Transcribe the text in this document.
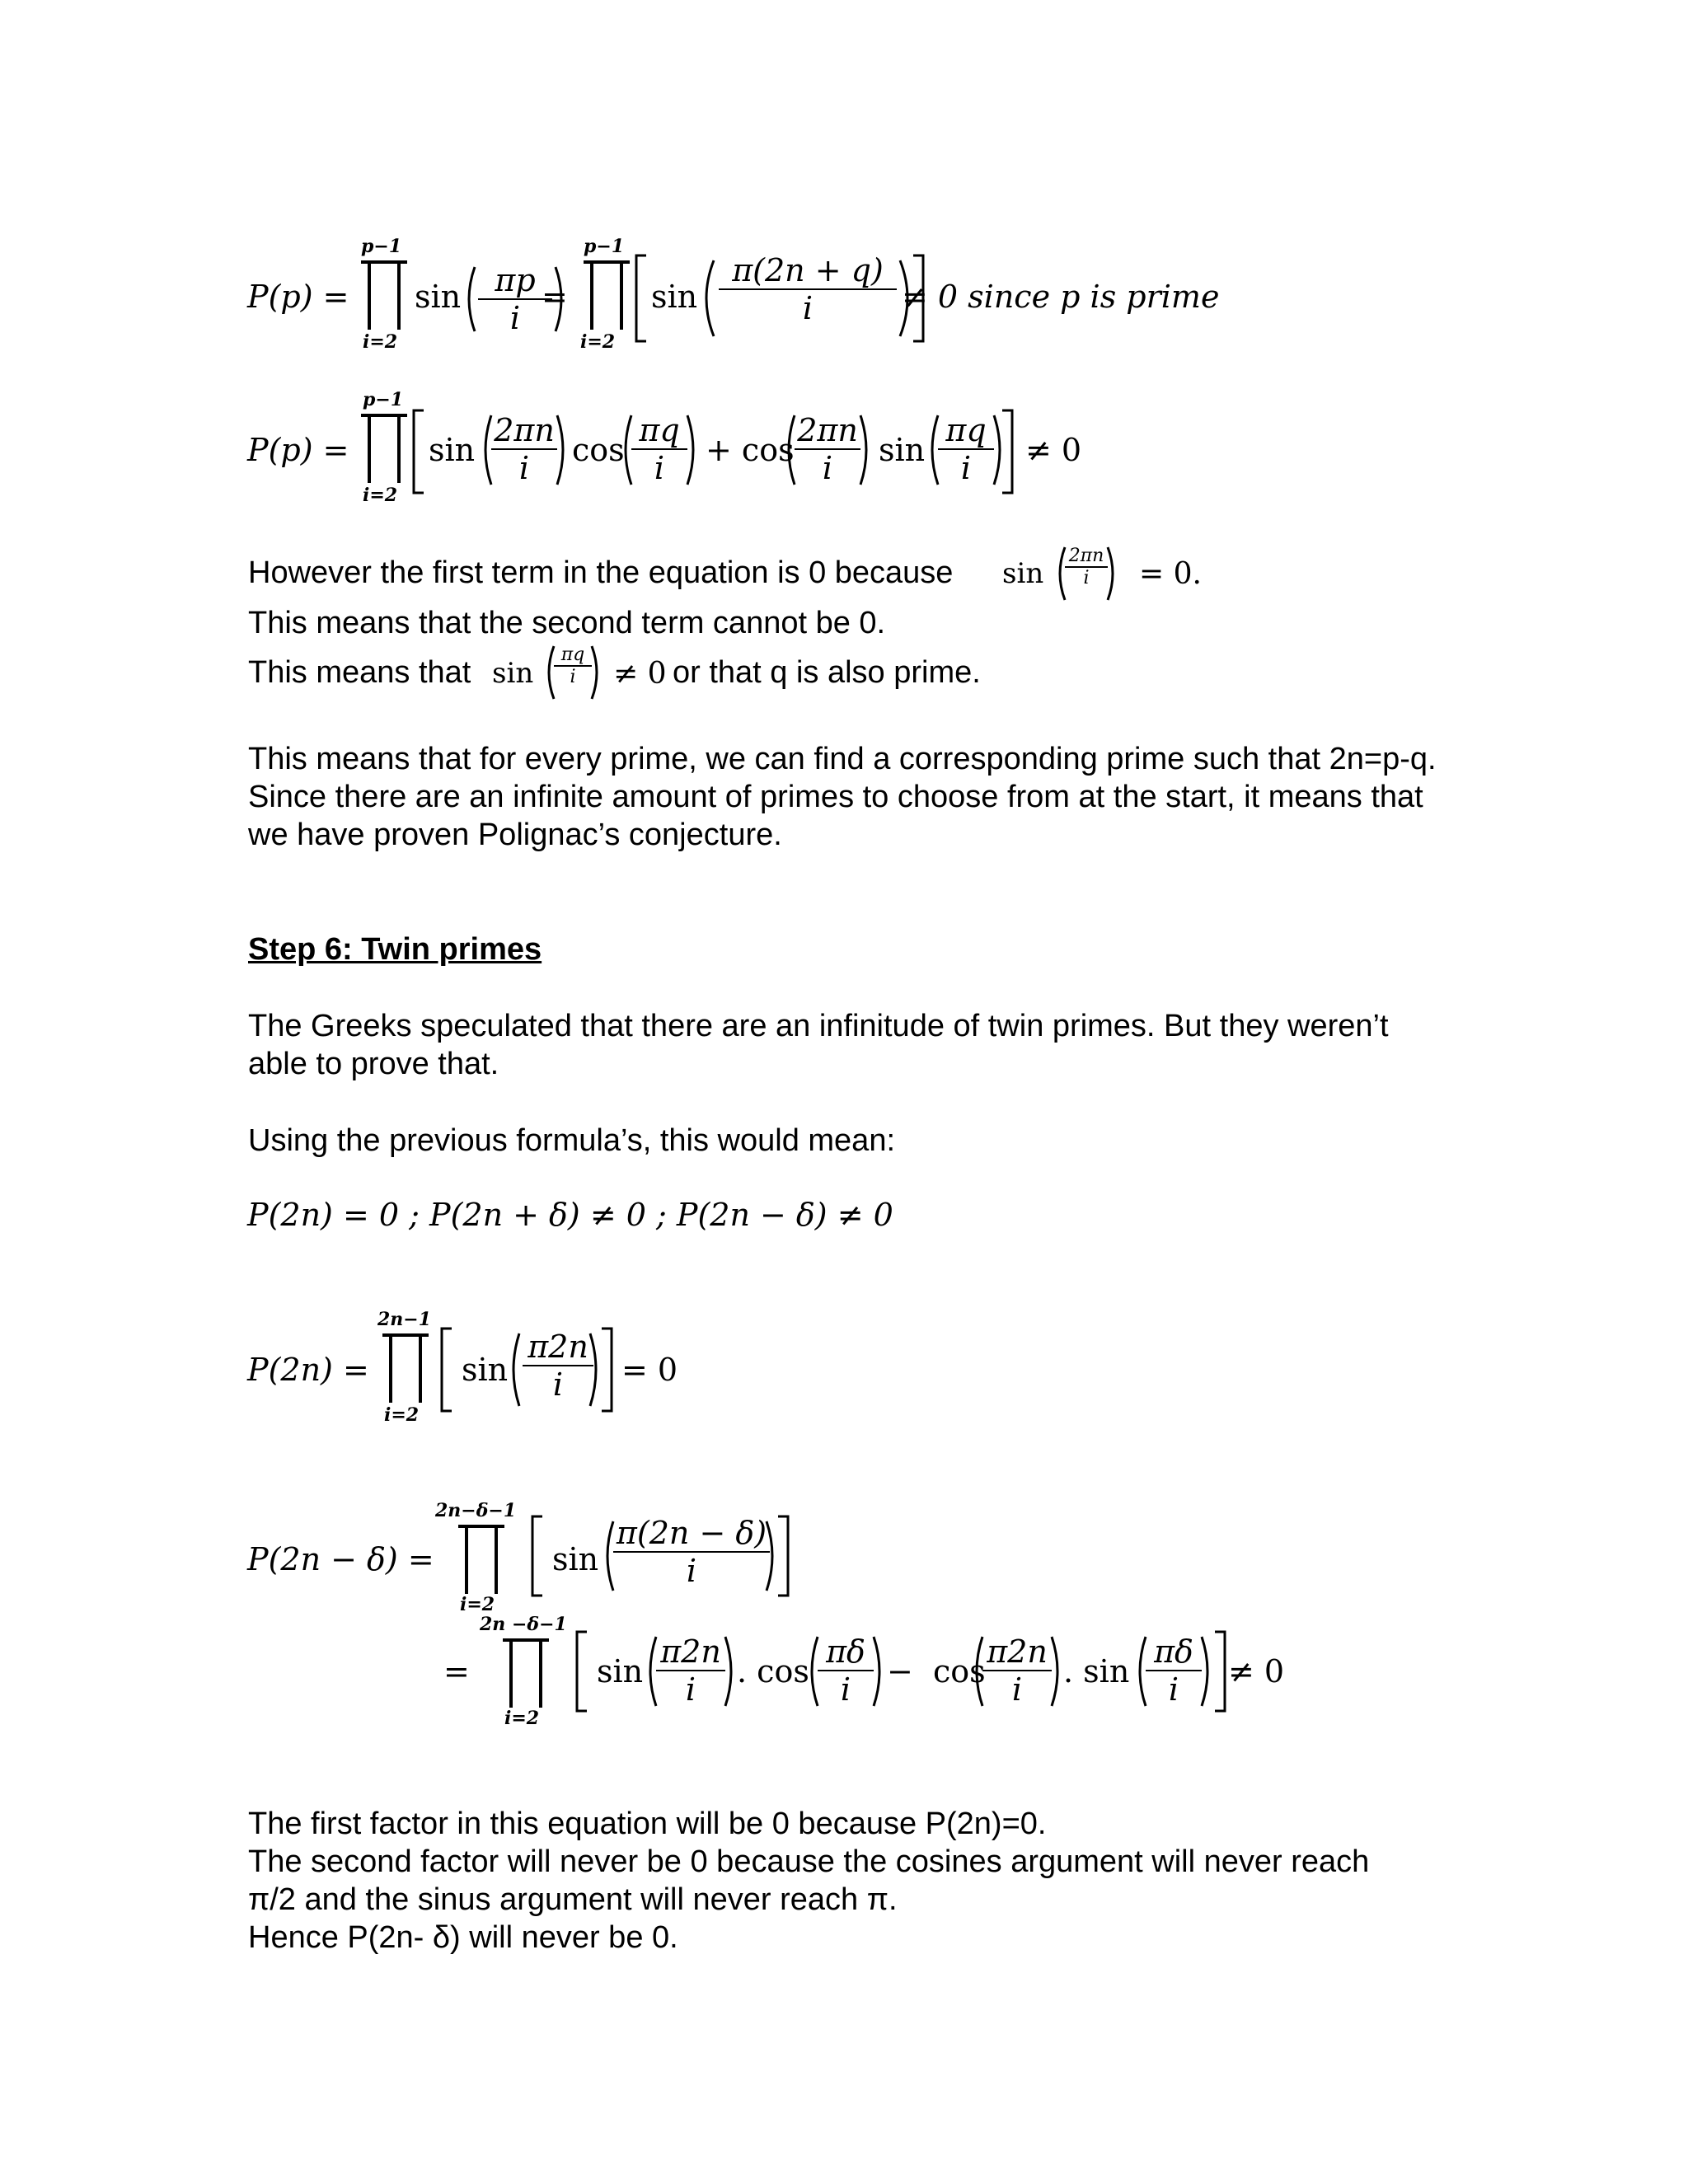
P(p) =
p−1
i=2
$\sin \frac{\pi p}{i}$
=
p−1
i=2
$\sin \frac{\pi(2n + q)}{i} \ne 0$ since p is prime
P(p) =
p−1
i=2
$\sin \frac{2\pi n}{i}$ $\cos \frac{\pi q}{i} + \cos \frac{2\pi n}{i}$ $\sin \frac{\pi q}{i} \ne 0$
However the first term in the equation is 0 because $\sin \frac{2\pi n}{i} = 0$.
This means that the second term cannot be 0.
This means that $\sin \frac{\pi q}{i} \ne 0$ or that q is also prime.
This means that for every prime, we can find a corresponding prime such that 2n=p-q. Since there are an infinite amount of primes to choose from at the start, it means that we have proven Polignac’s conjecture.
Step 6: Twin primes
The Greeks speculated that there are an infinitude of twin primes. But they weren’t able to prove that.
Using the previous formula’s, this would mean:
P(2n) = 0 ; P(2n + δ) ≠ 0 ; P(2n − δ) ≠ 0
P(2n) =
2n−1
i=2
$\sin \frac{\pi 2n}{i} = 0$
P(2n − δ) =
2n−δ−1
i=2
$\sin \frac{\pi(2n - \delta)}{i}$
=
2n −δ−1
i=2
$\sin \frac{\pi 2n}{i}$ . $\cos \frac{\pi\delta}{i} - \cos$
$\frac{\pi 2n}{i}$ . $\sin \frac{\pi\delta}{i} \ne 0$
The first factor in this equation will be 0 because P(2n)=0.
The second factor will never be 0 because the cosines argument will never reach
π/2 and the sinus argument will never reach π.
Hence P(2n- δ) will never be 0.
